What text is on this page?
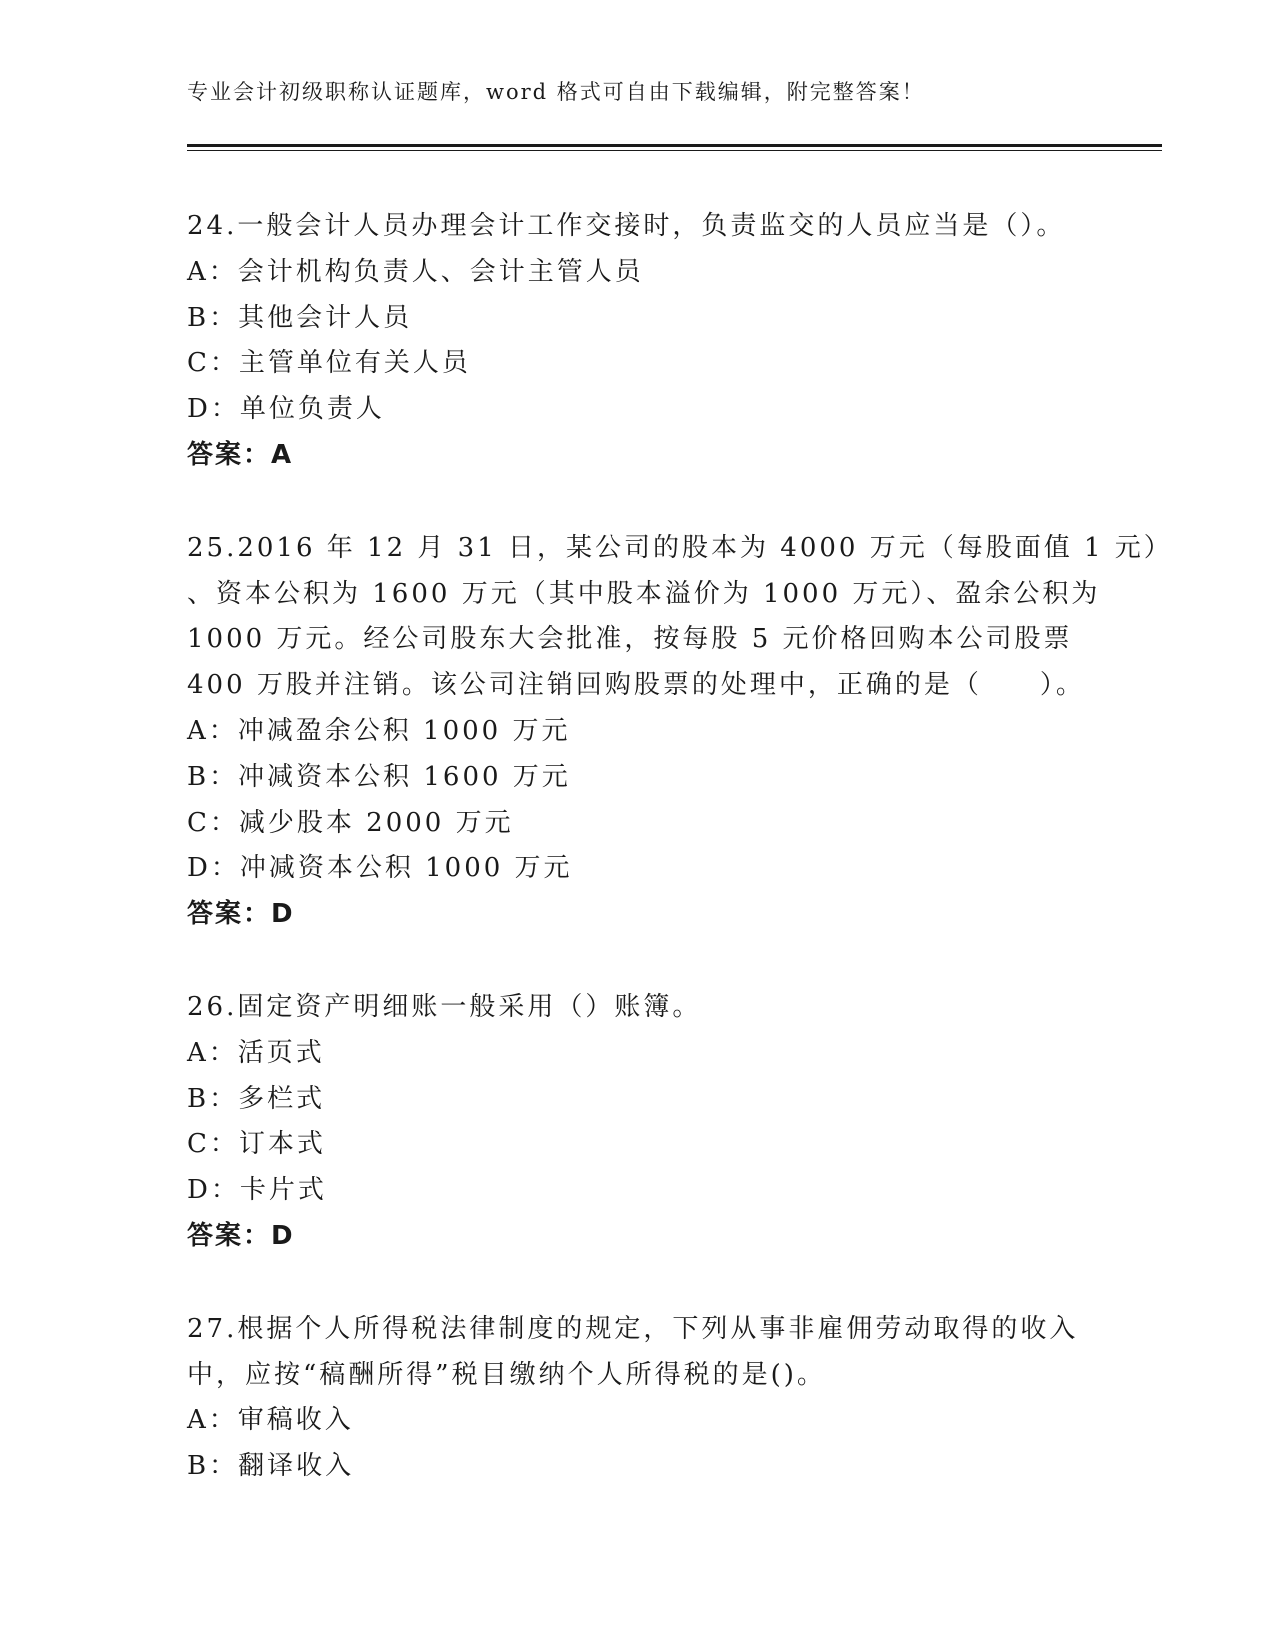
专业会计初级职称认证题库，word 格式可自由下载编辑，附完整答案！
24.一般会计人员办理会计工作交接时，负责监交的人员应当是（）。
A：会计机构负责人、会计主管人员
B：其他会计人员
C：主管单位有关人员
D：单位负责人
答案：A
25.2016 年 12 月 31 日，某公司的股本为 4000 万元（每股面值 1 元）
、资本公积为 1600 万元（其中股本溢价为 1000 万元）、盈余公积为
1000 万元。经公司股东大会批准，按每股 5 元价格回购本公司股票
400 万股并注销。该公司注销回购股票的处理中，正确的是（　　）。
A：冲减盈余公积 1000 万元
B：冲减资本公积 1600 万元
C：减少股本 2000 万元
D：冲减资本公积 1000 万元
答案：D
26.固定资产明细账一般采用（）账簿。
A：活页式
B：多栏式
C：订本式
D：卡片式
答案：D
27.根据个人所得税法律制度的规定，下列从事非雇佣劳动取得的收入
中，应按“稿酬所得”税目缴纳个人所得税的是()。
A：审稿收入
B：翻译收入
